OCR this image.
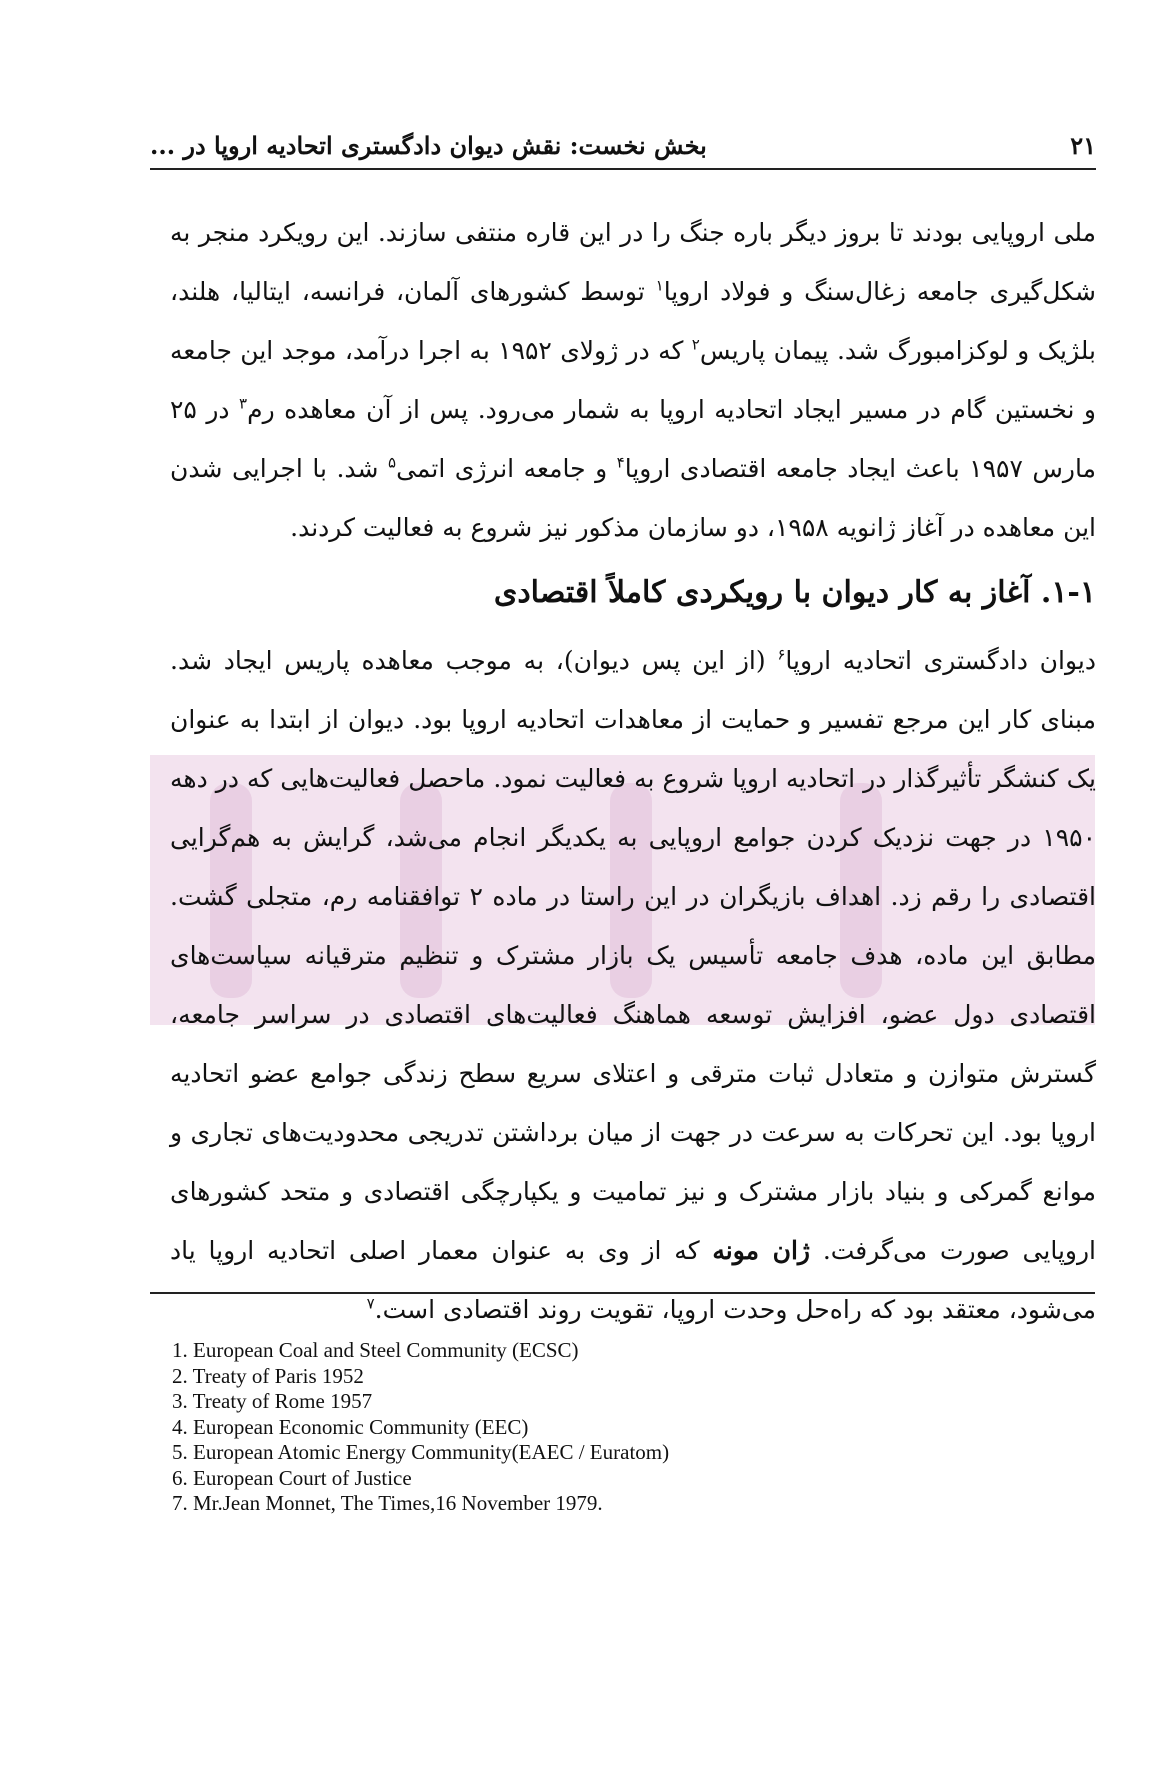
بخش نخست: نقش دیوان دادگستری اتحادیه اروپا در ...	۲۱

ملی اروپایی بودند تا بروز دیگر باره جنگ را در این قاره منتفی سازند. این رویکرد منجر به شکل‌گیری جامعه زغال‌سنگ و فولاد اروپا$^۱$ توسط کشورهای آلمان، فرانسه، ایتالیا، هلند، بلژیک و لوکزامبورگ شد. پیمان پاریس$^۲$ که در ژولای ۱۹۵۲ به اجرا درآمد، موجد این جامعه و نخستین گام در مسیر ایجاد اتحادیه اروپا به شمار می‌رود. پس از آن معاهده رم$^۳$ در ۲۵ مارس ۱۹۵۷ باعث ایجاد جامعه اقتصادی اروپا$^۴$ و جامعه انرژی اتمی$^۵$ شد. با اجرایی شدن این معاهده در آغاز ژانویه ۱۹۵۸، دو سازمان مذکور نیز شروع به فعالیت کردند.

۱-۱. آغاز به کار دیوان با رویکردی کاملاً اقتصادی

دیوان دادگستری اتحادیه اروپا$^۶$ (از این پس دیوان)، به موجب معاهده پاریس ایجاد شد. مبنای کار این مرجع تفسیر و حمایت از معاهدات اتحادیه اروپا بود. دیوان از ابتدا به عنوان یک کنشگر تأثیرگذار در اتحادیه اروپا شروع به فعالیت نمود. ماحصل فعالیت‌هایی که در دهه ۱۹۵۰ در جهت نزدیک کردن جوامع اروپایی به یکدیگر انجام می‌شد، گرایش به هم‌گرایی اقتصادی را رقم زد. اهداف بازیگران در این راستا در ماده ۲ توافقنامه رم، متجلی گشت. مطابق این ماده، هدف جامعه تأسیس یک بازار مشترک و تنظیم مترقیانه سیاست‌های اقتصادی دول عضو، افزایش توسعه هماهنگ فعالیت‌های اقتصادی در سراسر جامعه، گسترش متوازن و متعادل ثبات مترقی و اعتلای سریع سطح زندگی جوامع عضو اتحادیه اروپا بود. این تحرکات به سرعت در جهت از میان برداشتن تدریجی محدودیت‌های تجاری و موانع گمرکی و بنیاد بازار مشترک و نیز تمامیت و یکپارچگی اقتصادی و متحد کشورهای اروپایی صورت می‌گرفت. ژان مونه که از وی به عنوان معمار اصلی اتحادیه اروپا یاد می‌شود، معتقد بود که راه‌حل وحدت اروپا، تقویت روند اقتصادی است.$^۷$

1. European Coal and Steel Community (ECSC)
2. Treaty of Paris 1952
3. Treaty of Rome 1957
4. European Economic Community (EEC)
5. European Atomic Energy Community(EAEC / Euratom)
6. European Court of Justice
7. Mr.Jean Monnet, The Times,16 November 1979.
